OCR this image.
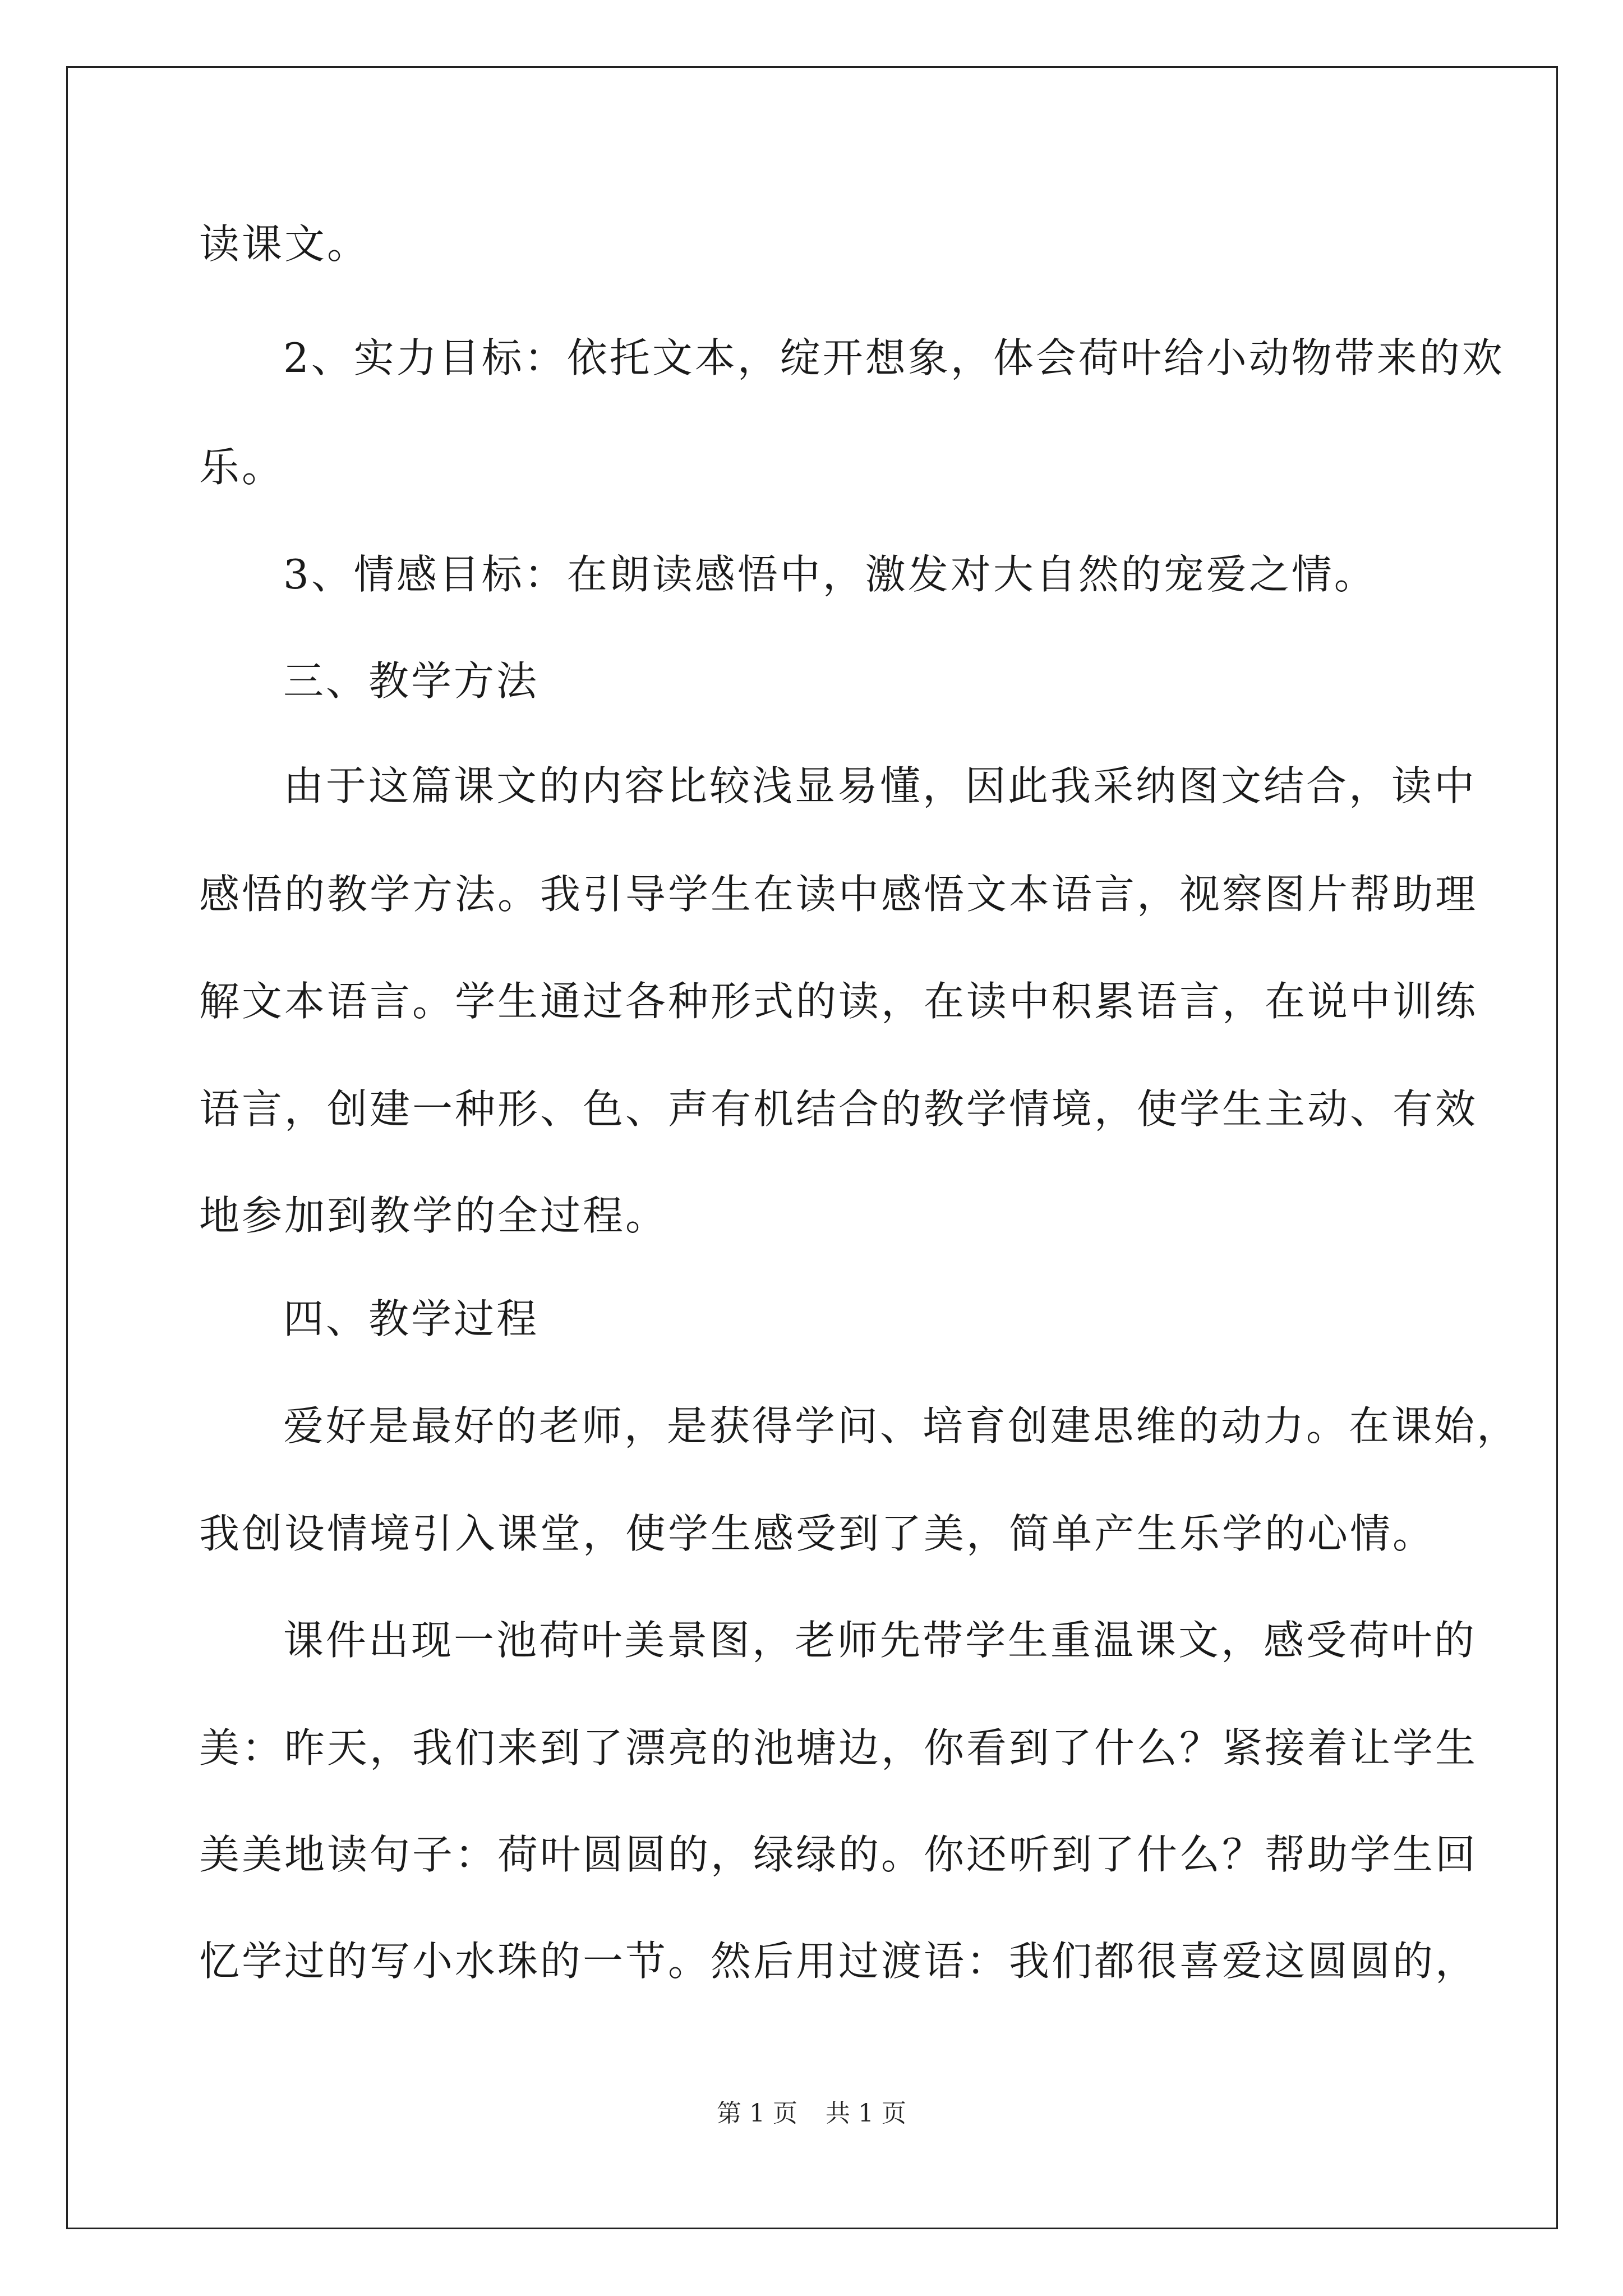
读课文。
2、实力目标：依托文本，绽开想象，体会荷叶给小动物带来的欢
乐。
3、情感目标：在朗读感悟中，激发对大自然的宠爱之情。
三、教学方法
由于这篇课文的内容比较浅显易懂，因此我采纳图文结合，读中
感悟的教学方法。我引导学生在读中感悟文本语言，视察图片帮助理
解文本语言。学生通过各种形式的读，在读中积累语言，在说中训练
语言，创建一种形、色、声有机结合的教学情境，使学生主动、有效
地参加到教学的全过程。
四、教学过程
爱好是最好的老师，是获得学问、培育创建思维的动力。在课始，
我创设情境引入课堂，使学生感受到了美，简单产生乐学的心情。
课件出现一池荷叶美景图，老师先带学生重温课文，感受荷叶的
美：昨天，我们来到了漂亮的池塘边，你看到了什么？紧接着让学生
美美地读句子：荷叶圆圆的，绿绿的。你还听到了什么？帮助学生回
忆学过的写小水珠的一节。然后用过渡语：我们都很喜爱这圆圆的，
第 1 页 共 1 页
